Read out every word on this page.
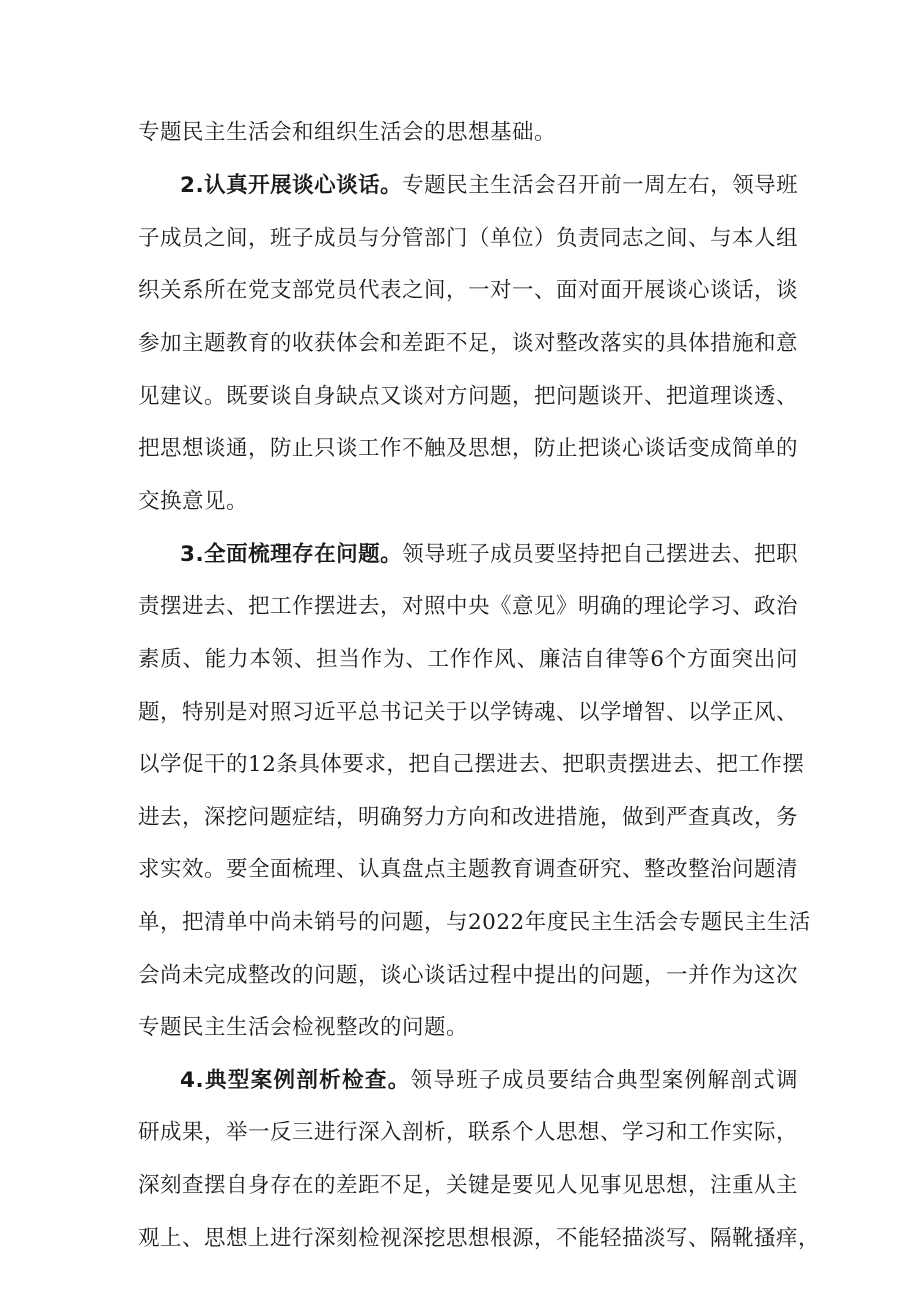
专题民主生活会和组织生活会的思想基础。
2.认真开展谈心谈话。专题民主生活会召开前一周左右，领导班
子成员之间，班子成员与分管部门（单位）负责同志之间、与本人组
织关系所在党支部党员代表之间，一对一、面对面开展谈心谈话，谈
参加主题教育的收获体会和差距不足，谈对整改落实的具体措施和意
见建议。既要谈自身缺点又谈对方问题，把问题谈开、把道理谈透、
把思想谈通，防止只谈工作不触及思想，防止把谈心谈话变成简单的
交换意见。
3.全面梳理存在问题。领导班子成员要坚持把自己摆进去、把职
责摆进去、把工作摆进去，对照中央《意见》明确的理论学习、政治
素质、能力本领、担当作为、工作作风、廉洁自律等6个方面突出问
题，特别是对照习近平总书记关于以学铸魂、以学增智、以学正风、
以学促干的12条具体要求，把自己摆进去、把职责摆进去、把工作摆
进去，深挖问题症结，明确努力方向和改进措施，做到严查真改，务
求实效。要全面梳理、认真盘点主题教育调查研究、整改整治问题清
单，把清单中尚未销号的问题，与2022年度民主生活会专题民主生活
会尚未完成整改的问题，谈心谈话过程中提出的问题，一并作为这次
专题民主生活会检视整改的问题。
4.典型案例剖析检查。领导班子成员要结合典型案例解剖式调
研成果，举一反三进行深入剖析，联系个人思想、学习和工作实际，
深刻查摆自身存在的差距不足，关键是要见人见事见思想，注重从主
观上、思想上进行深刻检视深挖思想根源，不能轻描淡写、隔靴搔痒，
